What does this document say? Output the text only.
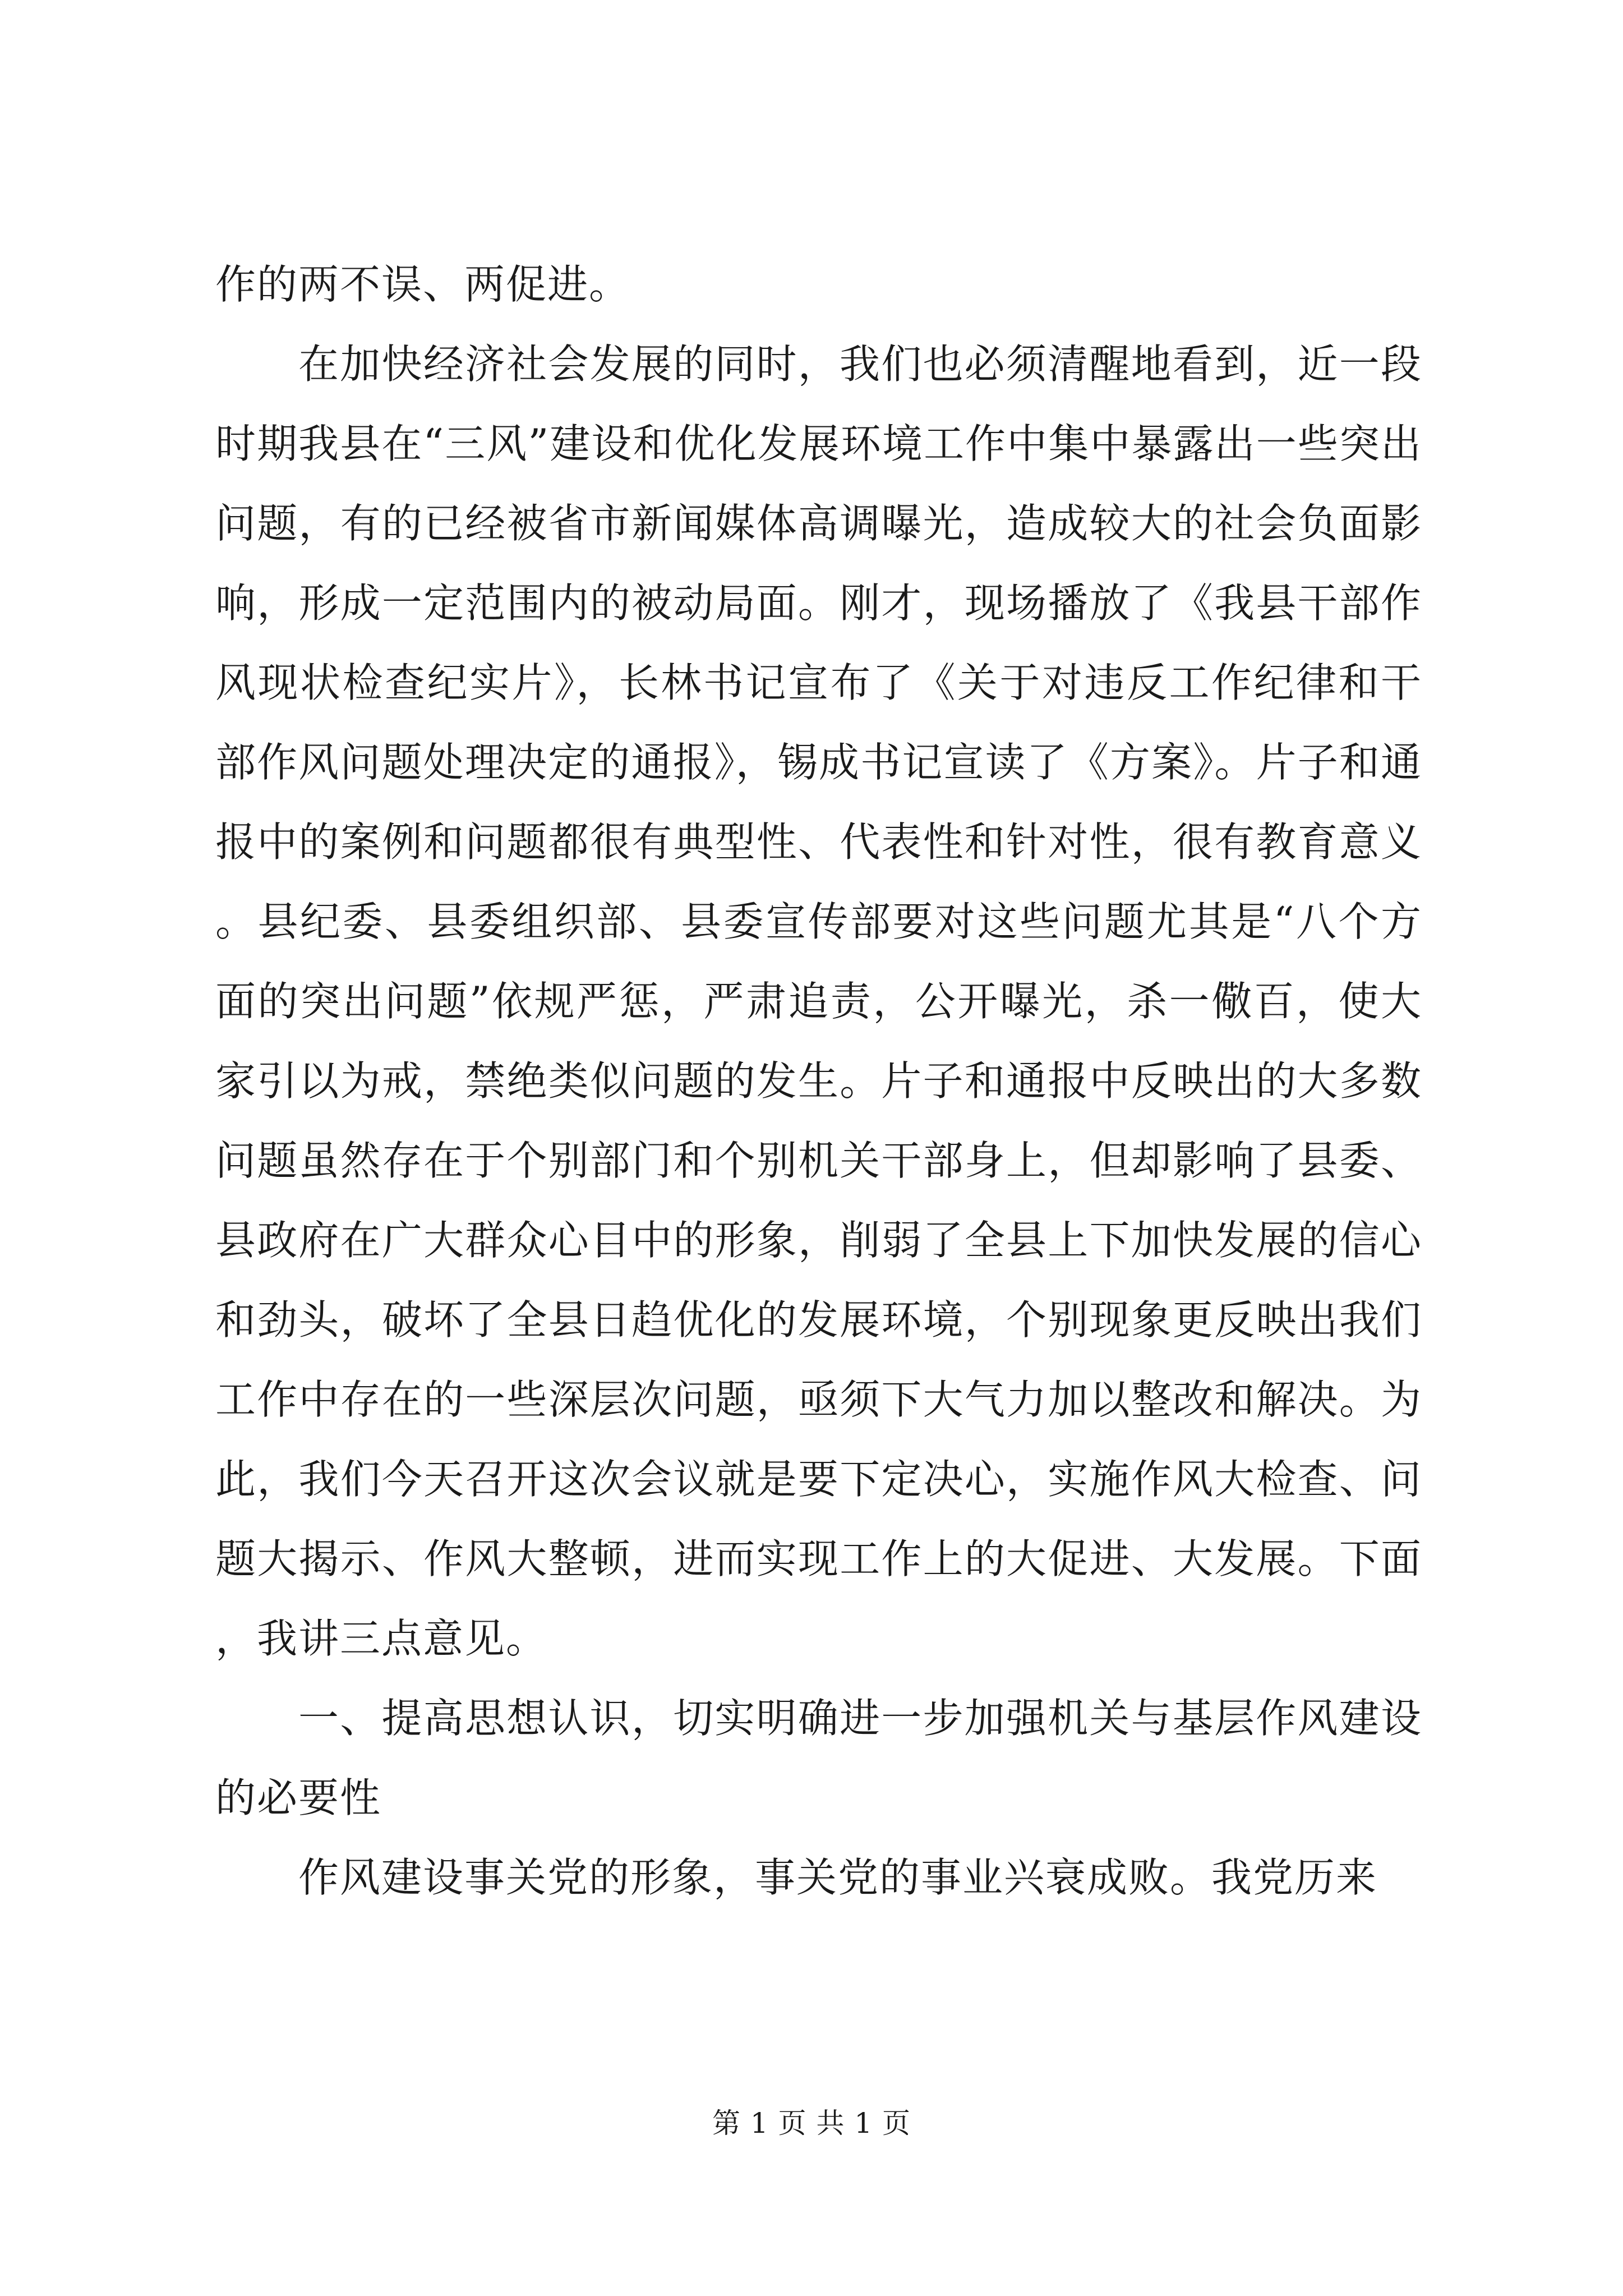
作的两不误、两促进。

在加快经济社会发展的同时，我们也必须清醒地看到，近一段时期我县在“三风”建设和优化发展环境工作中集中暴露出一些突出问题，有的已经被省市新闻媒体高调曝光，造成较大的社会负面影响，形成一定范围内的被动局面。刚才，现场播放了《我县干部作风现状检查纪实片》，长林书记宣布了《关于对违反工作纪律和干部作风问题处理决定的通报》，锡成书记宣读了《方案》。片子和通报中的案例和问题都很有典型性、代表性和针对性，很有教育意义。县纪委、县委组织部、县委宣传部要对这些问题尤其是“八个方面的突出问题”依规严惩，严肃追责，公开曝光，杀一儆百，使大家引以为戒，禁绝类似问题的发生。片子和通报中反映出的大多数问题虽然存在于个别部门和个别机关干部身上，但却影响了县委、县政府在广大群众心目中的形象，削弱了全县上下加快发展的信心和劲头，破坏了全县日趋优化的发展环境，个别现象更反映出我们工作中存在的一些深层次问题，亟须下大气力加以整改和解决。为此，我们今天召开这次会议就是要下定决心，实施作风大检查、问题大揭示、作风大整顿，进而实现工作上的大促进、大发展。下面，我讲三点意见。

一、提高思想认识，切实明确进一步加强机关与基层作风建设的必要性

作风建设事关党的形象，事关党的事业兴衰成败。我党历来

第 1 页 共 1 页
